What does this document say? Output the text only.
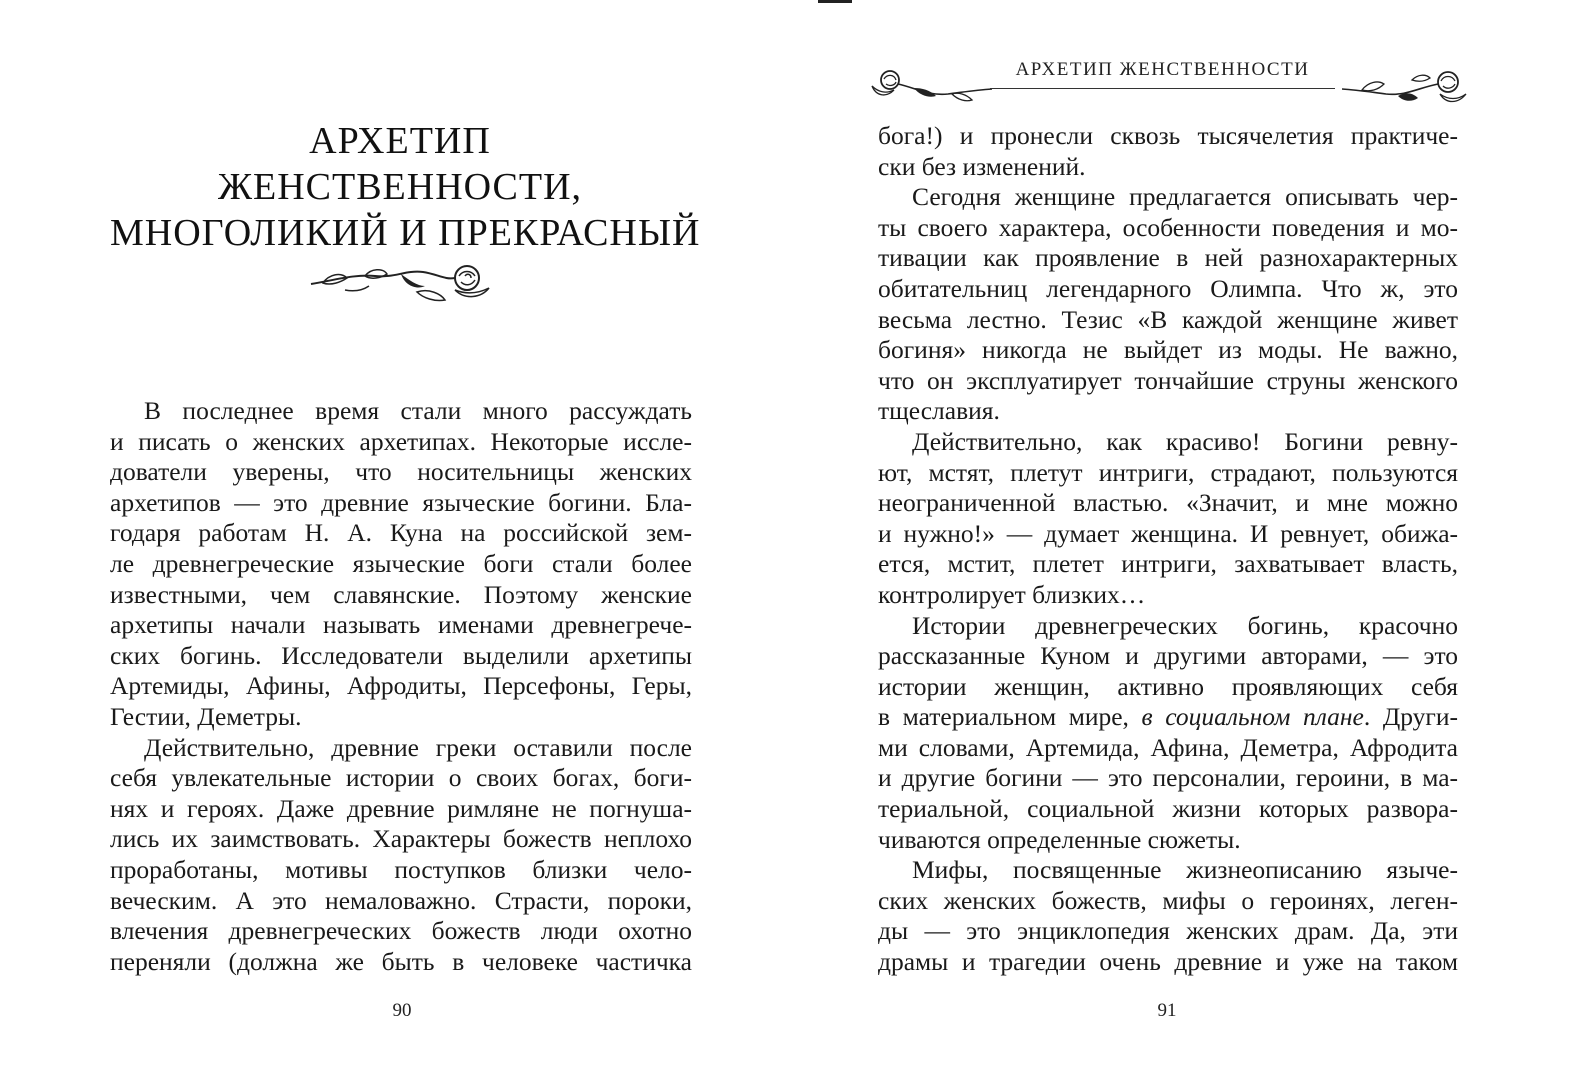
АРХЕТИП
ЖЕНСТВЕННОСТИ,
МНОГОЛИКИЙ И ПРЕКРАСНЫЙ
В последнее время стали много рассуждать
и писать о женских архетипах. Некоторые иссле-
дователи уверены, что носительницы женских
архетипов — это древние языческие богини. Бла-
годаря работам Н. А. Куна на российской зем-
ле древнегреческие языческие боги стали более
известными, чем славянские. Поэтому женские
архетипы начали называть именами древнегрече-
ских богинь. Исследователи выделили архетипы
Артемиды, Афины, Афродиты, Персефоны, Геры,
Гестии, Деметры.
Действительно, древние греки оставили после
себя увлекательные истории о своих богах, боги-
нях и героях. Даже древние римляне не погнуша-
лись их заимствовать. Характеры божеств неплохо
проработаны, мотивы поступков близки чело-
веческим. А это немаловажно. Страсти, пороки,
влечения древнегреческих божеств люди охотно
переняли (должна же быть в человеке частичка
90
АРХЕТИП ЖЕНСТВЕННОСТИ
бога!) и пронесли сквозь тысячелетия практиче-
ски без изменений.
Сегодня женщине предлагается описывать чер-
ты своего характера, особенности поведения и мо-
тивации как проявление в ней разнохарактерных
обитательниц легендарного Олимпа. Что ж, это
весьма лестно. Тезис «В каждой женщине живет
богиня» никогда не выйдет из моды. Не важно,
что он эксплуатирует тончайшие струны женского
тщеславия.
Действительно, как красиво! Богини ревну-
ют, мстят, плетут интриги, страдают, пользуются
неограниченной властью. «Значит, и мне можно
и нужно!» — думает женщина. И ревнует, обижа-
ется, мстит, плетет интриги, захватывает власть,
контролирует близких…
Истории древнегреческих богинь, красочно
рассказанные Куном и другими авторами, — это
истории женщин, активно проявляющих себя
в материальном мире, в социальном плане. Други-
ми словами, Артемида, Афина, Деметра, Афродита
и другие богини — это персоналии, героини, в ма-
териальной, социальной жизни которых развора-
чиваются определенные сюжеты.
Мифы, посвященные жизнеописанию языче-
ских женских божеств, мифы о героинях, леген-
ды — это энциклопедия женских драм. Да, эти
драмы и трагедии очень древние и уже на таком
91
